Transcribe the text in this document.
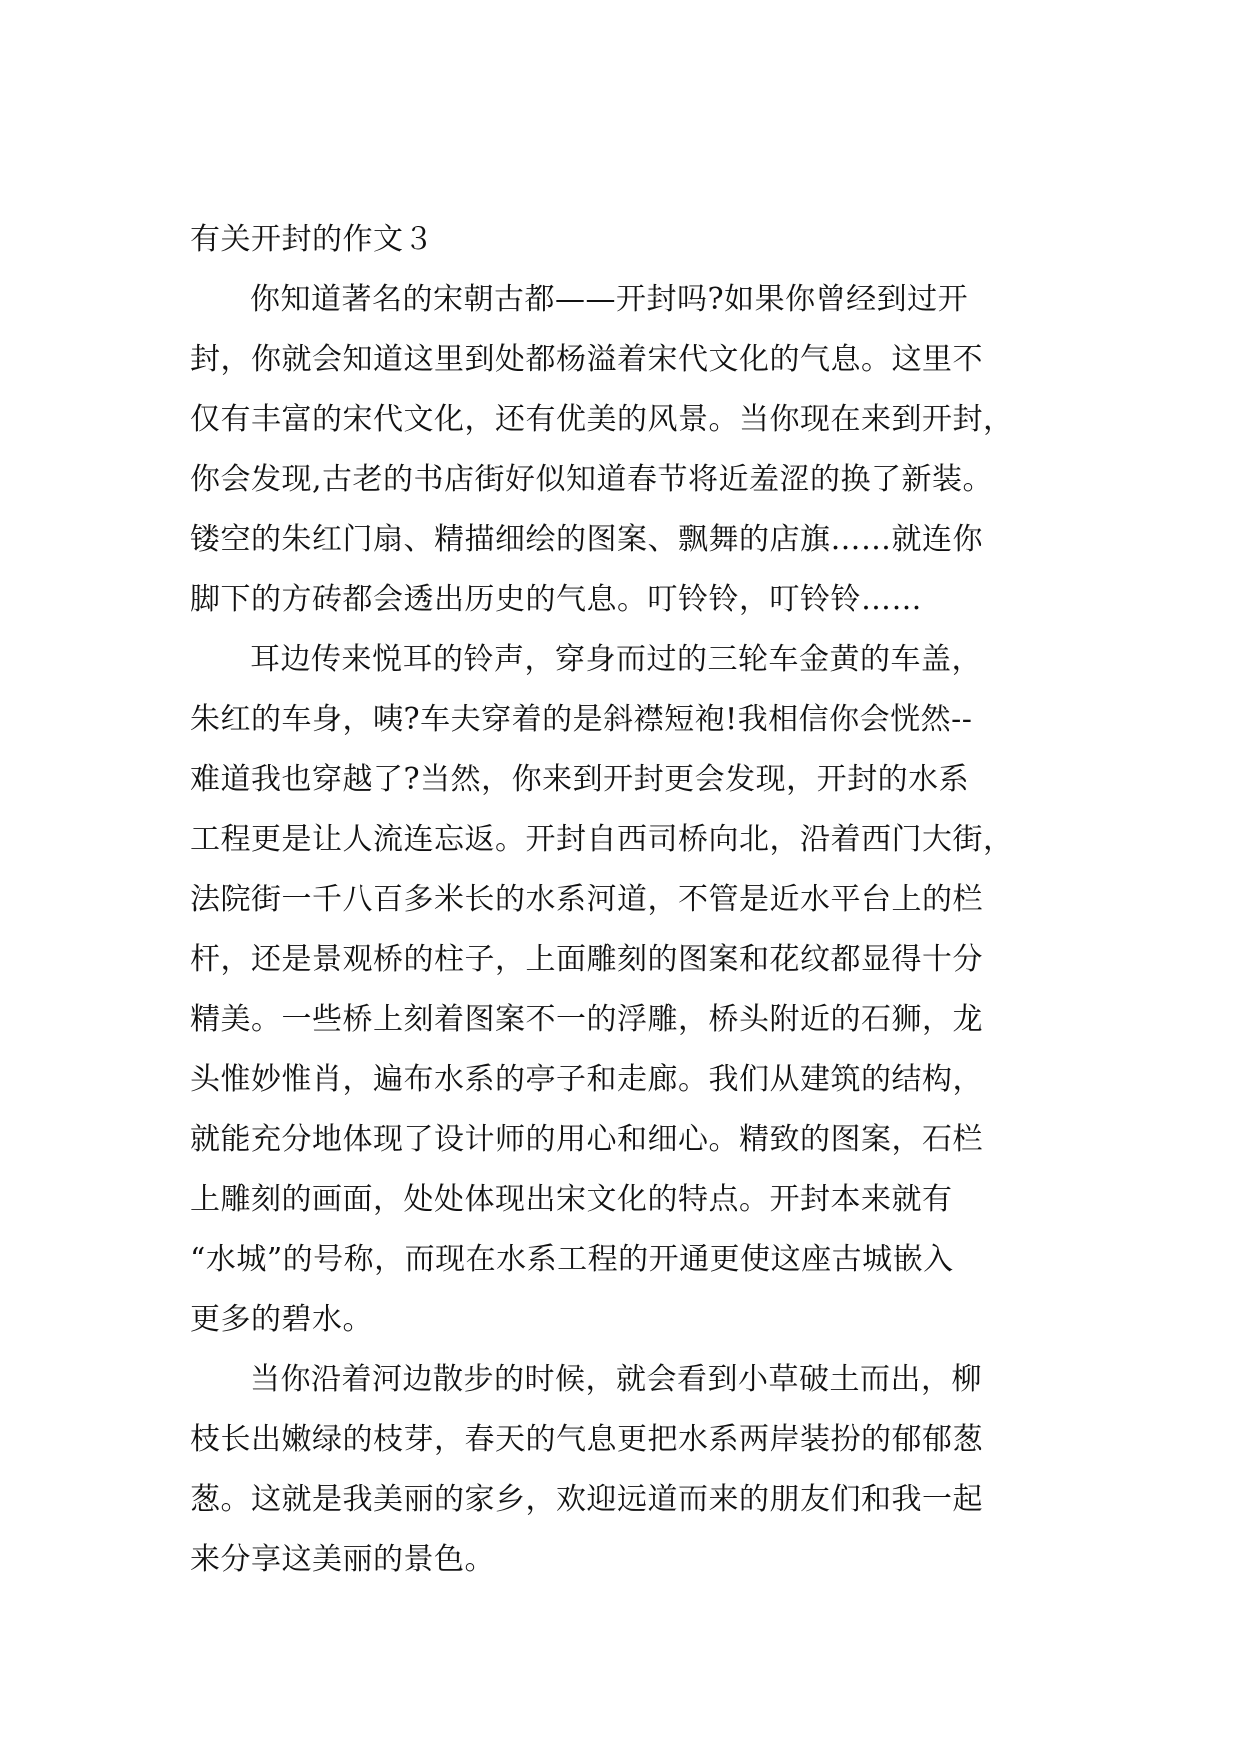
有关开封的作文３

你知道著名的宋朝古都——开封吗?如果你曾经到过开
封，你就会知道这里到处都杨溢着宋代文化的气息。这里不
仅有丰富的宋代文化，还有优美的风景。当你现在来到开封，
你会发现,古老的书店街好似知道春节将近羞涩的换了新装。
镂空的朱红门扇、精描细绘的图案、飘舞的店旗……就连你
脚下的方砖都会透出历史的气息。叮铃铃，叮铃铃……

耳边传来悦耳的铃声，穿身而过的三轮车金黄的车盖，
朱红的车身，咦?车夫穿着的是斜襟短袍!我相信你会恍然--
难道我也穿越了?当然，你来到开封更会发现，开封的水系
工程更是让人流连忘返。开封自西司桥向北，沿着西门大街，
法院街一千八百多米长的水系河道，不管是近水平台上的栏
杆，还是景观桥的柱子，上面雕刻的图案和花纹都显得十分
精美。一些桥上刻着图案不一的浮雕，桥头附近的石狮，龙
头惟妙惟肖，遍布水系的亭子和走廊。我们从建筑的结构，
就能充分地体现了设计师的用心和细心。精致的图案，石栏
上雕刻的画面，处处体现出宋文化的特点。开封本来就有
“水城”的号称，而现在水系工程的开通更使这座古城嵌入
更多的碧水。

当你沿着河边散步的时候，就会看到小草破土而出，柳
枝长出嫩绿的枝芽，春天的气息更把水系两岸装扮的郁郁葱
葱。这就是我美丽的家乡，欢迎远道而来的朋友们和我一起
来分享这美丽的景色。
